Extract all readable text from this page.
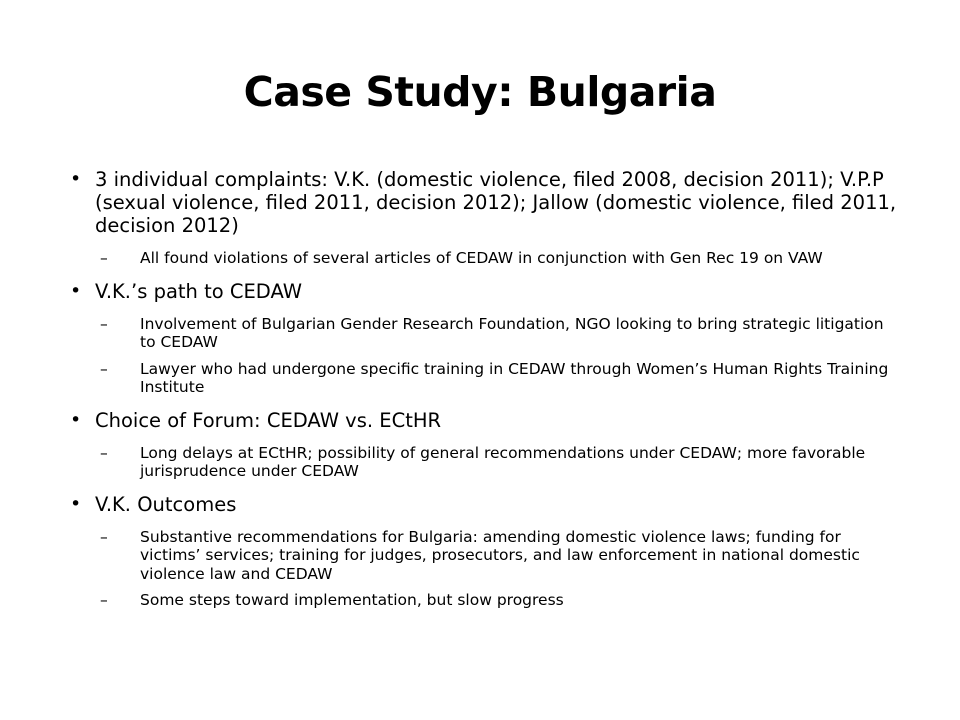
Case Study: Bulgaria
• 3 individual complaints: V.K. (domestic violence, filed 2008, decision 2011); V.P.P (sexual violence, filed 2011, decision 2012); Jallow (domestic violence, filed 2011, decision 2012)
– All found violations of several articles of CEDAW in conjunction with Gen Rec 19 on VAW
• V.K.’s path to CEDAW
– Involvement of Bulgarian Gender Research Foundation, NGO looking to bring strategic litigation to CEDAW
– Lawyer who had undergone specific training in CEDAW through Women’s Human Rights Training Institute
• Choice of Forum: CEDAW vs. ECtHR
– Long delays at ECtHR; possibility of general recommendations under CEDAW; more favorable jurisprudence under CEDAW
• V.K. Outcomes
– Substantive recommendations for Bulgaria: amending domestic violence laws; funding for victims’ services; training for judges, prosecutors, and law enforcement in national domestic violence law and CEDAW
– Some steps toward implementation, but slow progress
